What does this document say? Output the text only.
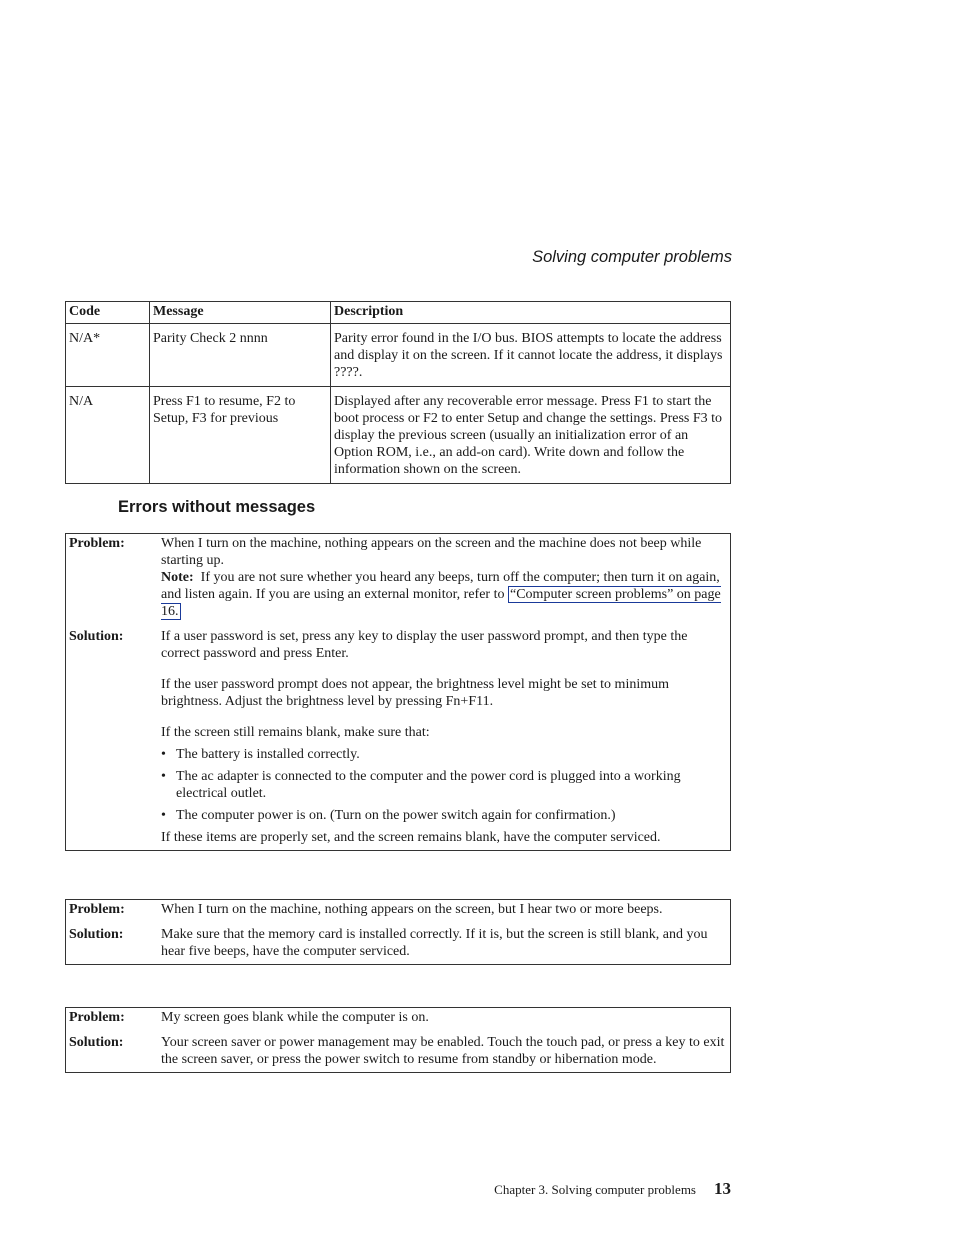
Solving computer problems
Code	Message	Description
N/A*	Parity Check 2 nnnn	Parity error found in the I/O bus. BIOS attempts to locate the address and display it on the screen. If it cannot locate the address, it displays ????.
N/A	Press F1 to resume, F2 to Setup, F3 for previous	Displayed after any recoverable error message. Press F1 to start the boot process or F2 to enter Setup and change the settings. Press F3 to display the previous screen (usually an initialization error of an Option ROM, i.e., an add-on card). Write down and follow the information shown on the screen.
Errors without messages
Problem:	When I turn on the machine, nothing appears on the screen and the machine does not beep while starting up.
Note: If you are not sure whether you heard any beeps, turn off the computer; then turn it on again, and listen again. If you are using an external monitor, refer to “Computer screen problems” on page 16.
Solution:	If a user password is set, press any key to display the user password prompt, and then type the correct password and press Enter.
If the user password prompt does not appear, the brightness level might be set to minimum brightness. Adjust the brightness level by pressing Fn+F11.
If the screen still remains blank, make sure that:
• The battery is installed correctly.
• The ac adapter is connected to the computer and the power cord is plugged into a working electrical outlet.
• The computer power is on. (Turn on the power switch again for confirmation.)
If these items are properly set, and the screen remains blank, have the computer serviced.
Problem:	When I turn on the machine, nothing appears on the screen, but I hear two or more beeps.
Solution:	Make sure that the memory card is installed correctly. If it is, but the screen is still blank, and you hear five beeps, have the computer serviced.
Problem:	My screen goes blank while the computer is on.
Solution:	Your screen saver or power management may be enabled. Touch the touch pad, or press a key to exit the screen saver, or press the power switch to resume from standby or hibernation mode.
Chapter 3. Solving computer problems 13
